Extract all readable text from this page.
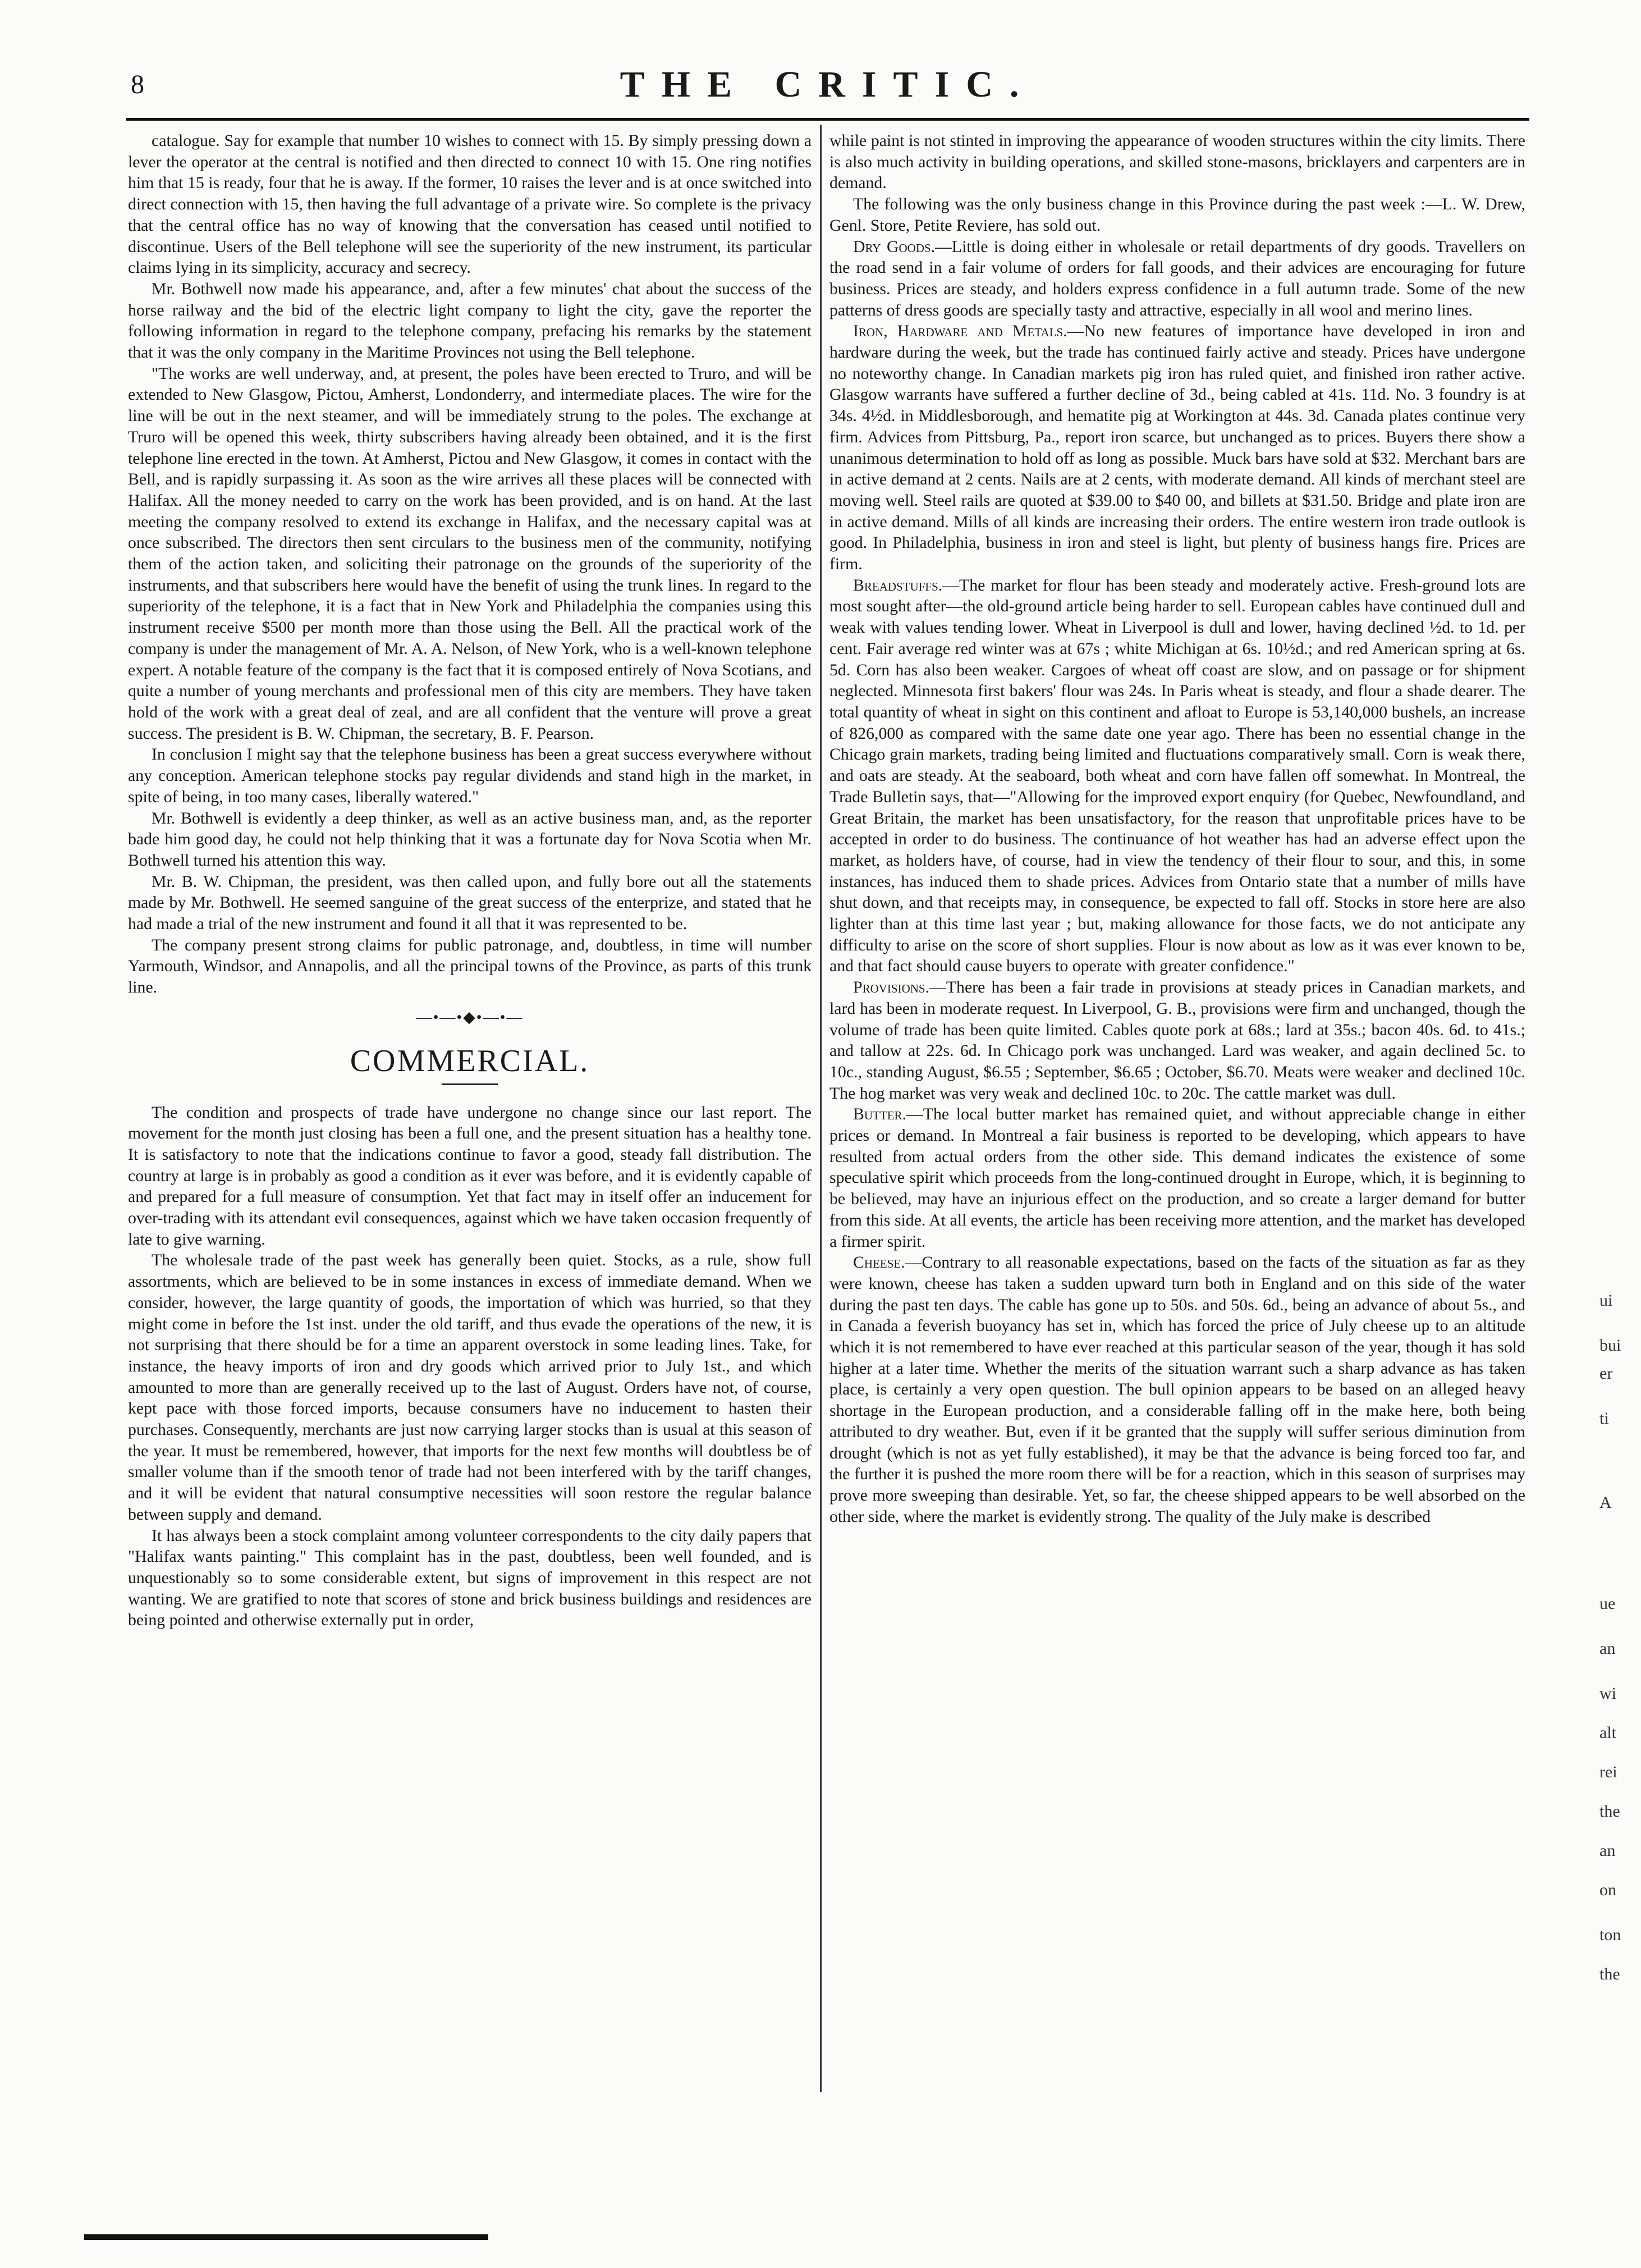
8	THE CRITIC.

catalogue. Say for example that number 10 wishes to connect with 15. By simply pressing down a lever the operator at the central is notified and then directed to connect 10 with 15. One ring notifies him that 15 is ready, four that he is away. If the former, 10 raises the lever and is at once switched into direct connection with 15, then having the full advantage of a private wire. So complete is the privacy that the central office has no way of knowing that the conversation has ceased until notified to discontinue. Users of the Bell telephone will see the superiority of the new instrument, its particular claims lying in its simplicity, accuracy and secrecy.

Mr. Bothwell now made his appearance, and, after a few minutes' chat about the success of the horse railway and the bid of the electric light company to light the city, gave the reporter the following information in regard to the telephone company, prefacing his remarks by the statement that it was the only company in the Maritime Provinces not using the Bell telephone.

"The works are well underway, and, at present, the poles have been erected to Truro, and will be extended to New Glasgow, Pictou, Amherst, Londonderry, and intermediate places. The wire for the line will be out in the next steamer, and will be immediately strung to the poles. The exchange at Truro will be opened this week, thirty subscribers having already been obtained, and it is the first telephone line erected in the town. At Amherst, Pictou and New Glasgow, it comes in contact with the Bell, and is rapidly surpassing it. As soon as the wire arrives all these places will be connected with Halifax. All the money needed to carry on the work has been provided, and is on hand. At the last meeting the company resolved to extend its exchange in Halifax, and the necessary capital was at once subscribed. The directors then sent circulars to the business men of the community, notifying them of the action taken, and soliciting their patronage on the grounds of the superiority of the instruments, and that subscribers here would have the benefit of using the trunk lines. In regard to the superiority of the telephone, it is a fact that in New York and Philadelphia the companies using this instrument receive $500 per month more than those using the Bell. All the practical work of the company is under the management of Mr. A. A. Nelson, of New York, who is a well-known telephone expert. A notable feature of the company is the fact that it is composed entirely of Nova Scotians, and quite a number of young merchants and professional men of this city are members. They have taken hold of the work with a great deal of zeal, and are all confident that the venture will prove a great success. The president is B. W. Chipman, the secretary, B. F. Pearson.

In conclusion I might say that the telephone business has been a great success everywhere without any conception. American telephone stocks pay regular dividends and stand high in the market, in spite of being, in too many cases, liberally watered."

Mr. Bothwell is evidently a deep thinker, as well as an active business man, and, as the reporter bade him good day, he could not help thinking that it was a fortunate day for Nova Scotia when Mr. Bothwell turned his attention this way.

Mr. B. W. Chipman, the president, was then called upon, and fully bore out all the statements made by Mr. Bothwell. He seemed sanguine of the great success of the enterprize, and stated that he had made a trial of the new instrument and found it all that it was represented to be.

The company present strong claims for public patronage, and, doubtless, in time will number Yarmouth, Windsor, and Annapolis, and all the principal towns of the Province, as parts of this trunk line.

—•—•◆•—•—
COMMERCIAL.

The condition and prospects of trade have undergone no change since our last report. The movement for the month just closing has been a full one, and the present situation has a healthy tone. It is satisfactory to note that the indications continue to favor a good, steady fall distribution. The country at large is in probably as good a condition as it ever was before, and it is evidently capable of and prepared for a full measure of consumption. Yet that fact may in itself offer an inducement for over-trading with its attendant evil consequences, against which we have taken occasion frequently of late to give warning.

The wholesale trade of the past week has generally been quiet. Stocks, as a rule, show full assortments, which are believed to be in some instances in excess of immediate demand. When we consider, however, the large quantity of goods, the importation of which was hurried, so that they might come in before the 1st inst. under the old tariff, and thus evade the operations of the new, it is not surprising that there should be for a time an apparent overstock in some leading lines. Take, for instance, the heavy imports of iron and dry goods which arrived prior to July 1st., and which amounted to more than are generally received up to the last of August. Orders have not, of course, kept pace with those forced imports, because consumers have no inducement to hasten their purchases. Consequently, merchants are just now carrying larger stocks than is usual at this season of the year. It must be remembered, however, that imports for the next few months will doubtless be of smaller volume than if the smooth tenor of trade had not been interfered with by the tariff changes, and it will be evident that natural consumptive necessities will soon restore the regular balance between supply and demand.

It has always been a stock complaint among volunteer correspondents to the city daily papers that "Halifax wants painting." This complaint has in the past, doubtless, been well founded, and is unquestionably so to some considerable extent, but signs of improvement in this respect are not wanting. We are gratified to note that scores of stone and brick business buildings and residences are being pointed and otherwise externally put in order,

while paint is not stinted in improving the appearance of wooden structures within the city limits. There is also much activity in building operations, and skilled stone-masons, bricklayers and carpenters are in demand.

The following was the only business change in this Province during the past week :—L. W. Drew, Genl. Store, Petite Reviere, has sold out.

Dry Goods.—Little is doing either in wholesale or retail departments of dry goods. Travellers on the road send in a fair volume of orders for fall goods, and their advices are encouraging for future business. Prices are steady, and holders express confidence in a full autumn trade. Some of the new patterns of dress goods are specially tasty and attractive, especially in all wool and merino lines.

Iron, Hardware and Metals.—No new features of importance have developed in iron and hardware during the week, but the trade has continued fairly active and steady. Prices have undergone no noteworthy change. In Canadian markets pig iron has ruled quiet, and finished iron rather active. Glasgow warrants have suffered a further decline of 3d., being cabled at 41s. 11d. No. 3 foundry is at 34s. 4½d. in Middlesborough, and hematite pig at Workington at 44s. 3d. Canada plates continue very firm. Advices from Pittsburg, Pa., report iron scarce, but unchanged as to prices. Buyers there show a unanimous determination to hold off as long as possible. Muck bars have sold at $32. Merchant bars are in active demand at 2 cents. Nails are at 2 cents, with moderate demand. All kinds of merchant steel are moving well. Steel rails are quoted at $39.00 to $40 00, and billets at $31.50. Bridge and plate iron are in active demand. Mills of all kinds are increasing their orders. The entire western iron trade outlook is good. In Philadelphia, business in iron and steel is light, but plenty of business hangs fire. Prices are firm.

Breadstuffs.—The market for flour has been steady and moderately active. Fresh-ground lots are most sought after—the old-ground article being harder to sell. European cables have continued dull and weak with values tending lower. Wheat in Liverpool is dull and lower, having declined ½d. to 1d. per cent. Fair average red winter was at 67s ; white Michigan at 6s. 10½d.; and red American spring at 6s. 5d. Corn has also been weaker. Cargoes of wheat off coast are slow, and on passage or for shipment neglected. Minnesota first bakers' flour was 24s. In Paris wheat is steady, and flour a shade dearer. The total quantity of wheat in sight on this continent and afloat to Europe is 53,140,000 bushels, an increase of 826,000 as compared with the same date one year ago. There has been no essential change in the Chicago grain markets, trading being limited and fluctuations comparatively small. Corn is weak there, and oats are steady. At the seaboard, both wheat and corn have fallen off somewhat. In Montreal, the Trade Bulletin says, that—"Allowing for the improved export enquiry (for Quebec, Newfoundland, and Great Britain, the market has been unsatisfactory, for the reason that unprofitable prices have to be accepted in order to do business. The continuance of hot weather has had an adverse effect upon the market, as holders have, of course, had in view the tendency of their flour to sour, and this, in some instances, has induced them to shade prices. Advices from Ontario state that a number of mills have shut down, and that receipts may, in consequence, be expected to fall off. Stocks in store here are also lighter than at this time last year ; but, making allowance for those facts, we do not anticipate any difficulty to arise on the score of short supplies. Flour is now about as low as it was ever known to be, and that fact should cause buyers to operate with greater confidence."

Provisions.—There has been a fair trade in provisions at steady prices in Canadian markets, and lard has been in moderate request. In Liverpool, G. B., provisions were firm and unchanged, though the volume of trade has been quite limited. Cables quote pork at 68s.; lard at 35s.; bacon 40s. 6d. to 41s.; and tallow at 22s. 6d. In Chicago pork was unchanged. Lard was weaker, and again declined 5c. to 10c., standing August, $6.55 ; September, $6.65 ; October, $6.70. Meats were weaker and declined 10c. The hog market was very weak and declined 10c. to 20c. The cattle market was dull.

Butter.—The local butter market has remained quiet, and without appreciable change in either prices or demand. In Montreal a fair business is reported to be developing, which appears to have resulted from actual orders from the other side. This demand indicates the existence of some speculative spirit which proceeds from the long-continued drought in Europe, which, it is beginning to be believed, may have an injurious effect on the production, and so create a larger demand for butter from this side. At all events, the article has been receiving more attention, and the market has developed a firmer spirit.

Cheese.—Contrary to all reasonable expectations, based on the facts of the situation as far as they were known, cheese has taken a sudden upward turn both in England and on this side of the water during the past ten days. The cable has gone up to 50s. and 50s. 6d., being an advance of about 5s., and in Canada a feverish buoyancy has set in, which has forced the price of July cheese up to an altitude which it is not remembered to have ever reached at this particular season of the year, though it has sold higher at a later time. Whether the merits of the situation warrant such a sharp advance as has taken place, is certainly a very open question. The bull opinion appears to be based on an alleged heavy shortage in the European production, and a considerable falling off in the make here, both being attributed to dry weather. But, even if it be granted that the supply will suffer serious diminution from drought (which is not as yet fully established), it may be that the advance is being forced too far, and the further it is pushed the more room there will be for a reaction, which in this season of surprises may prove more sweeping than desirable. Yet, so far, the cheese shipped appears to be well absorbed on the other side, where the market is evidently strong. The quality of the July make is described

ui
bui
er
ti
A
ue
an
wi
alt
rei
the
an
on
ton
the
